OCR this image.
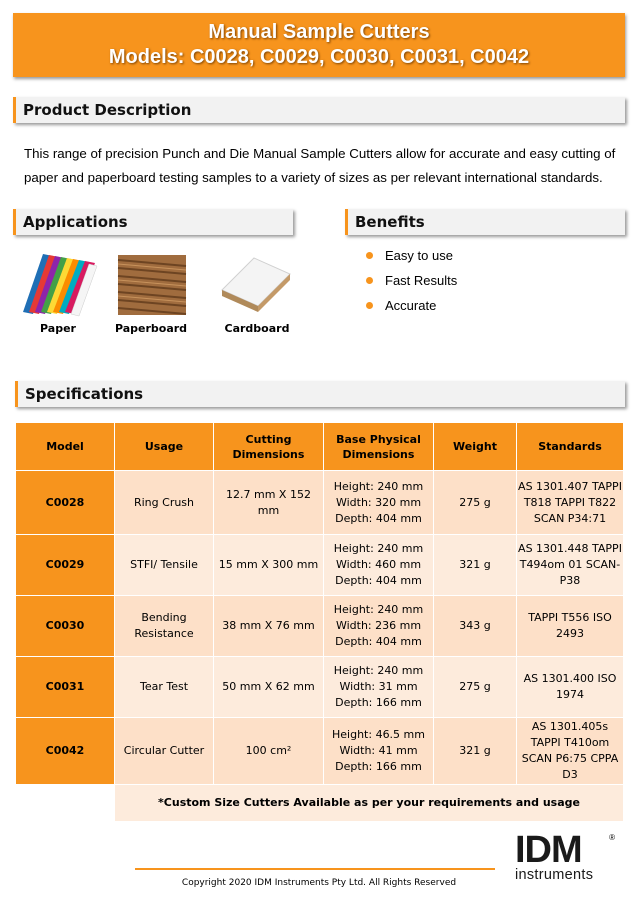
Manual Sample Cutters
Models: C0028, C0029, C0030, C0031, C0042
Product Description
This range of precision Punch and Die Manual Sample Cutters allow for accurate and easy cutting of paper and paperboard testing samples to a variety of sizes as per relevant international standards.
Applications
Paper	Paperboard	Cardboard
Benefits
Easy to use
Fast Results
Accurate
Specifications
Model	Usage	Cutting Dimensions	Base Physical Dimensions	Weight	Standards
C0028	Ring Crush	12.7 mm X 152 mm	Height: 240 mm
Width: 320 mm
Depth: 404 mm	275 g	AS 1301.407 TAPPI T818 TAPPI T822 SCAN P34:71
C0029	STFI/ Tensile	15 mm X 300 mm	Height: 240 mm
Width: 460 mm
Depth: 404 mm	321 g	AS 1301.448 TAPPI T494om 01 SCAN-P38
C0030	Bending Resistance	38 mm X 76 mm	Height: 240 mm
Width: 236 mm
Depth: 404 mm	343 g	TAPPI T556 ISO 2493
C0031	Tear Test	50 mm X 62 mm	Height: 240 mm
Width: 31 mm
Depth: 166 mm	275 g	AS 1301.400 ISO 1974
C0042	Circular Cutter	100 cm²	Height: 46.5 mm
Width: 41 mm
Depth: 166 mm	321 g	AS 1301.405s TAPPI T410om SCAN P6:75 CPPA D3
	*Custom Size Cutters Available as per your requirements and usage				
Copyright 2020 IDM Instruments Pty Ltd. All Rights Reserved
IDM	®
instruments
